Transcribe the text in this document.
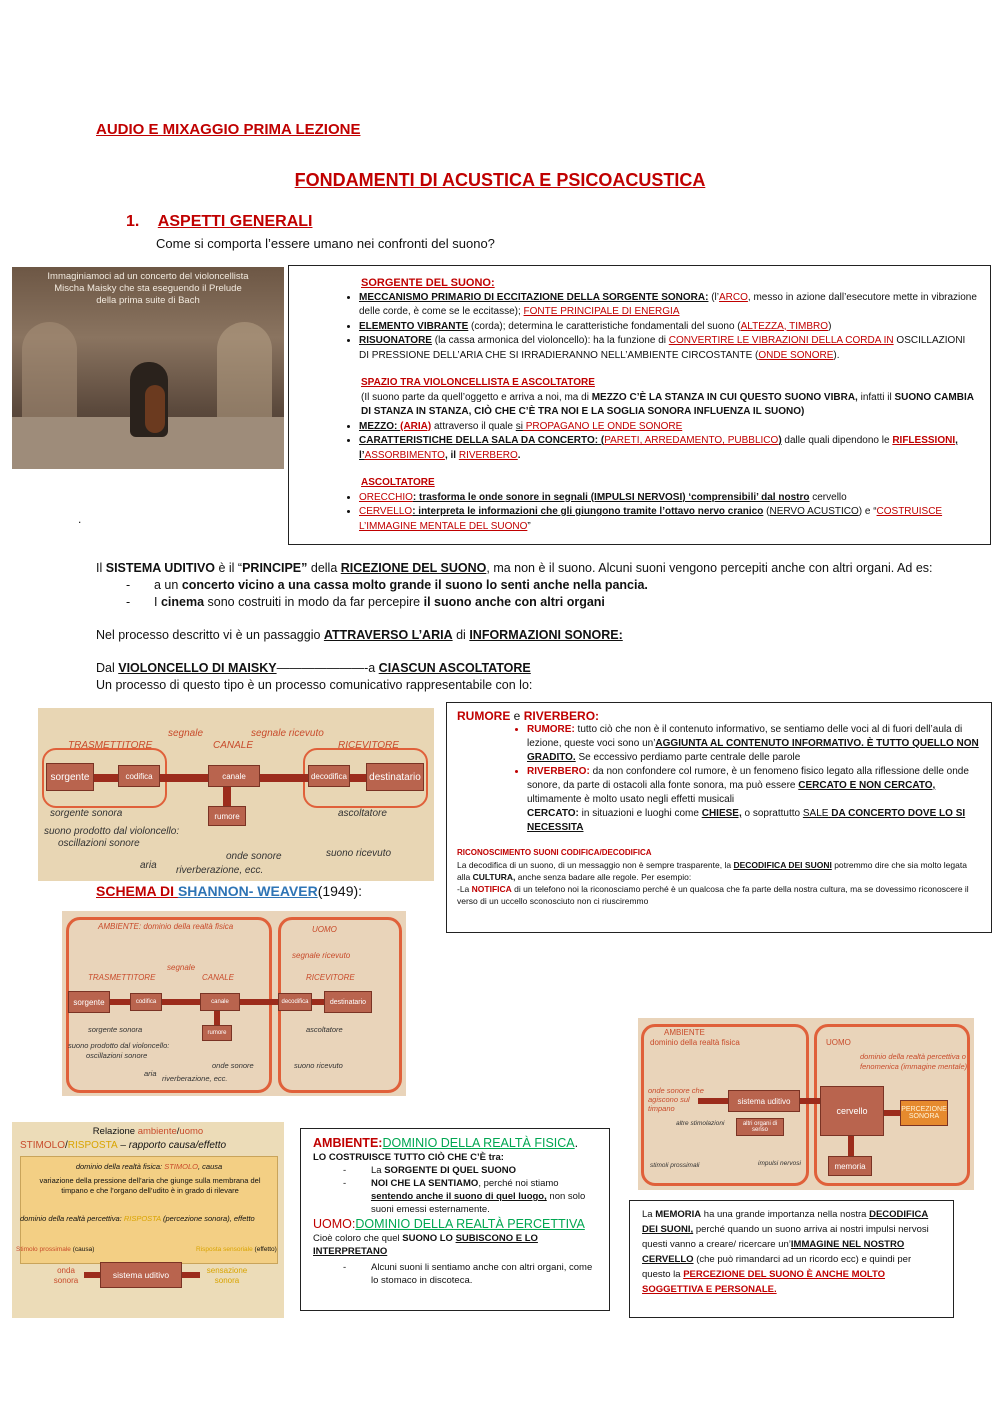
AUDIO E MIXAGGIO PRIMA LEZIONE
FONDAMENTI DI ACUSTICA E PSICOACUSTICA
1. ASPETTI GENERALI
Come si comporta l’essere umano nei confronti del suono?
Immaginiamoci ad un concerto del violoncellista
Mischa Maisky che sta eseguendo il Prelude
della prima suite di Bach
.
SORGENTE DEL SUONO:
• MECCANISMO PRIMARIO DI ECCITAZIONE DELLA SORGENTE SONORA: (l’ARCO, messo in azione dall’esecutore mette in vibrazione delle corde, è come se le eccitasse); FONTE PRINCIPALE DI ENERGIA
• ELEMENTO VIBRANTE (corda); determina le caratteristiche fondamentali del suono (ALTEZZA, TIMBRO)
• RISUONATORE (la cassa armonica del violoncello): ha la funzione di CONVERTIRE LE VIBRAZIONI DELLA CORDA IN OSCILLAZIONI DI PRESSIONE DELL’ARIA CHE SI IRRADIERANNO NELL’AMBIENTE CIRCOSTANTE (ONDE SONORE).
SPAZIO TRA VIOLONCELLISTA E ASCOLTATORE
(Il suono parte da quell’oggetto e arriva a noi, ma di MEZZO C’È LA STANZA IN CUI QUESTO SUONO VIBRA, infatti il SUONO CAMBIA DI STANZA IN STANZA, CIÒ CHE C’È TRA NOI E LA SOGLIA SONORA INFLUENZA IL SUONO)
• MEZZO: (ARIA) attraverso il quale si PROPAGANO LE ONDE SONORE
• CARATTERISTICHE DELLA SALA DA CONCERTO: (PARETI, ARREDAMENTO, PUBBLICO) dalle quali dipendono le RIFLESSIONI, l’ASSORBIMENTO, il RIVERBERO.
ASCOLTATORE
• ORECCHIO: trasforma le onde sonore in segnali (IMPULSI NERVOSI) ‘comprensibili’ dal nostro cervello
• CERVELLO: interpreta le informazioni che gli giungono tramite l’ottavo nervo cranico (NERVO ACUSTICO) e “COSTRUISCE L’IMMAGINE MENTALE DEL SUONO”
Il SISTEMA UDITIVO è il “PRINCIPE” della RICEZIONE DEL SUONO, ma non è il suono. Alcuni suoni vengono percepiti anche con altri organi. Ad es:
- a un concerto vicino a una cassa molto grande il suono lo senti anche nella pancia.
- I cinema sono costruiti in modo da far percepire il suono anche con altri organi
Nel processo descritto vi è un passaggio ATTRAVERSO L’ARIA di INFORMAZIONI SONORE:
Dal VIOLONCELLO DI MAISKY———————-a CIASCUN ASCOLTATORE
Un processo di questo tipo è un processo comunicativo rappresentabile con lo:
segnale	segnale ricevuto
TRASMETTITORE	CANALE	RICEVITORE
sorgente	codifica	canale	decodifica	destinatario
rumore
sorgente sonora	ascoltatore
suono prodotto dal violoncello:
oscillazioni sonore
onde sonore	suono ricevuto
aria riverberazione, ecc.
SCHEMA DI SHANNON- WEAVER(1949):
RUMORE e RIVERBERO:
• RUMORE: tutto ciò che non è il contenuto informativo, se sentiamo delle voci al di fuori dell’aula di lezione, queste voci sono un’AGGIUNTA AL CONTENUTO INFORMATIVO. È TUTTO QUELLO NON GRADITO. Se eccessivo perdiamo parte centrale delle parole
• RIVERBERO: da non confondere col rumore, è un fenomeno fisico legato alla riflessione delle onde sonore, da parte di ostacoli alla fonte sonora, ma può essere CERCATO E NON CERCATO, ultimamente è molto usato negli effetti musicali
CERCATO: in situazioni e luoghi come CHIESE, o soprattutto SALE DA CONCERTO DOVE LO SI NECESSITA
RICONOSCIMENTO SUONI CODIFICA/DECODIFICA
La decodifica di un suono, di un messaggio non è sempre trasparente, la DECODIFICA DEI SUONI potremmo dire che sia molto legata alla CULTURA, anche senza badare alle regole. Per esempio:
-La NOTIFICA di un telefono noi la riconosciamo perché è un qualcosa che fa parte della nostra cultura, ma se dovessimo riconoscere il verso di un uccello sconosciuto non ci riusciremmo
AMBIENTE: dominio della realtà fisica	UOMO
segnale ricevuto
segnale
TRASMETTITORE	CANALE	RICEVITORE
sorgente	codifica	canale	decodifica	destinatario
rumore
sorgente sonora	ascoltatore
suono prodotto dal violoncello:
oscillazioni sonore
onde sonore	suono ricevuto
aria
riverberazione, ecc.
AMBIENTE
dominio della realtà fisica	UOMO
dominio della realtà percettiva o fenomenica (immagine mentale)
onde sonore che agiscono sul timpano
sistema uditivo
altri organi di senso
cervello	PERCEZIONE SONORA
memoria
altre stimolazioni
impulsi nervosi
stimoli prossimali
Relazione ambiente/uomo
STIMOLO/RISPOSTA – rapporto causa/effetto
dominio della realtà fisica: STIMOLO, causa
variazione della pressione dell’aria che giunge sulla membrana del timpano e che l’organo dell’udito è in grado di rilevare
dominio della realtà percettiva: RISPOSTA (percezione sonora), effetto
Stimolo prossimale (causa)	Risposta sensoriale (effetto)
onda sonora
sistema uditivo	sensazione sonora
AMBIENTE:DOMINIO DELLA REALTÀ FISICA.
LO COSTRUISCE TUTTO CIÒ CHE C’È tra:
- La SORGENTE DI QUEL SUONO
- NOI CHE LA SENTIAMO, perché noi stiamo sentendo anche il suono di quel luogo, non solo suoni emessi esternamente.
UOMO:DOMINIO DELLA REALTÀ PERCETTIVA
Cioè coloro che quel SUONO LO SUBISCONO E LO INTERPRETANO
- Alcuni suoni li sentiamo anche con altri organi, come lo stomaco in discoteca.
La MEMORIA ha una grande importanza nella nostra DECODIFICA DEI SUONI, perché quando un suono arriva ai nostri impulsi nervosi questi vanno a creare/ ricercare un’IMMAGINE NEL NOSTRO CERVELLO (che può rimandarci ad un ricordo ecc) e quindi per questo la PERCEZIONE DEL SUONO È ANCHE MOLTO SOGGETTIVA E PERSONALE.
